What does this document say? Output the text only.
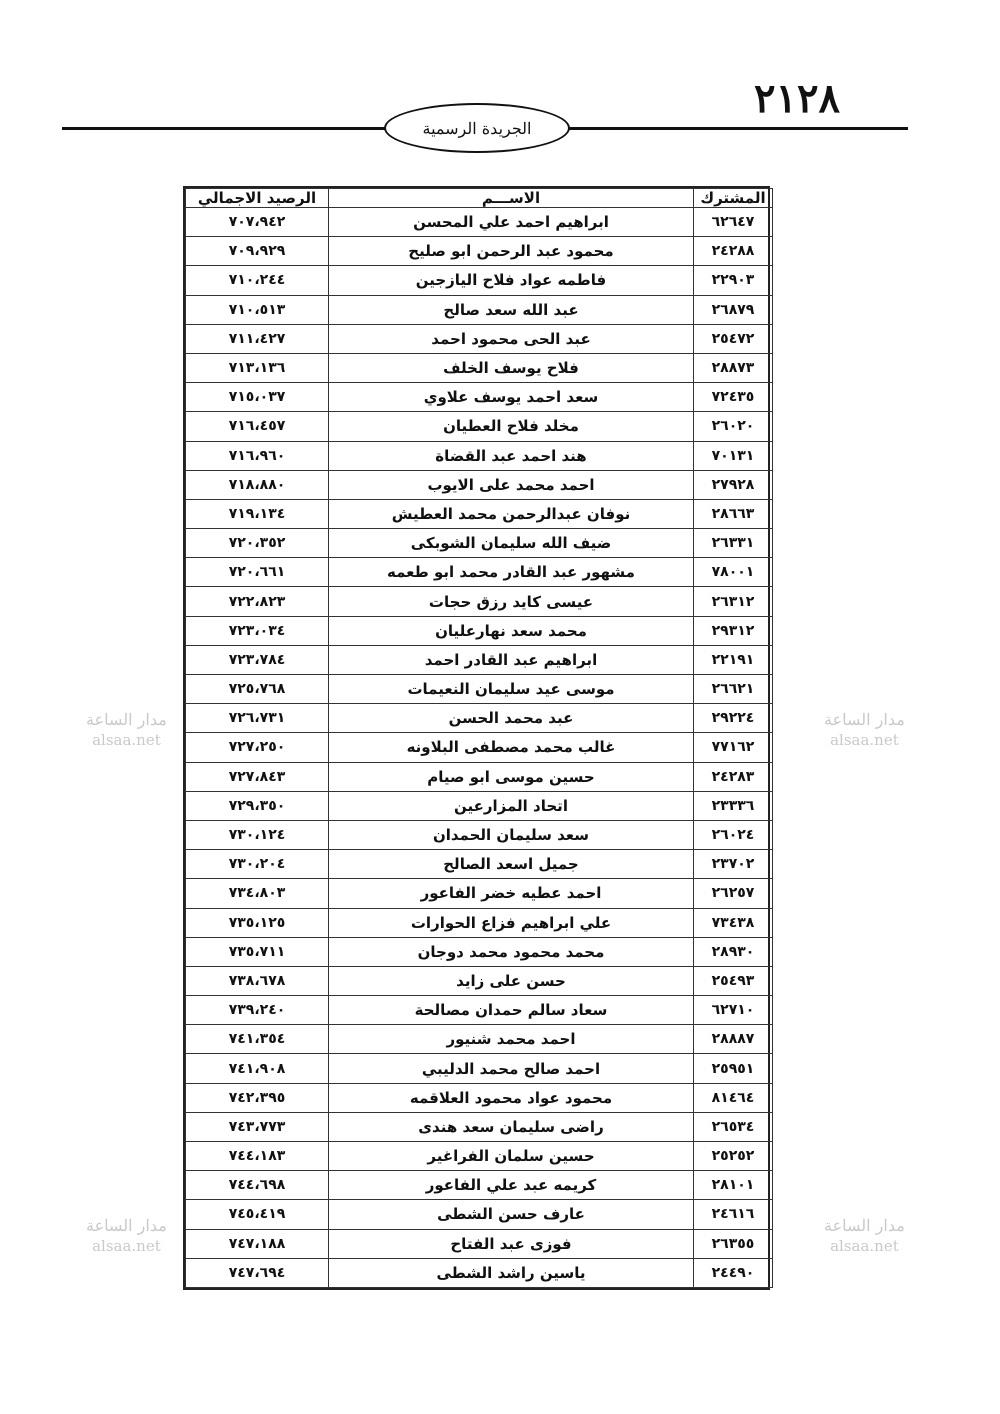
٢١٢٨
الجريدة الرسمية
المشترك	الاســـم	الرصيد الاجمالي
٦٢٦٤٧	ابراهيم احمد علي المحسن	٧٠٧،٩٤٢
٢٤٢٨٨	محمود عبد الرحمن ابو صليح	٧٠٩،٩٢٩
٢٢٩٠٣	فاطمه عواد فلاح اليازجين	٧١٠،٢٤٤
٢٦٨٧٩	عبد الله سعد صالح	٧١٠،٥١٣
٢٥٤٧٢	عبد الحى محمود احمد	٧١١،٤٢٧
٢٨٨٧٣	فلاح يوسف الخلف	٧١٣،١٣٦
٧٢٤٣٥	سعد احمد يوسف علاوي	٧١٥،٠٣٧
٢٦٠٢٠	مخلد فلاح العطيان	٧١٦،٤٥٧
٧٠١٣١	هند احمد عبد القضاة	٧١٦،٩٦٠
٢٧٩٢٨	احمد محمد على الايوب	٧١٨،٨٨٠
٢٨٦٦٣	نوفان عبدالرحمن محمد العطيش	٧١٩،١٣٤
٢٦٣٣١	ضيف الله سليمان الشوبكى	٧٢٠،٣٥٢
٧٨٠٠١	مشهور عبد القادر محمد ابو طعمه	٧٢٠،٦٦١
٢٦٣١٢	عيسى كايد رزق حجات	٧٢٢،٨٢٣
٢٩٣١٢	محمد سعد نهارعليان	٧٢٣،٠٣٤
٢٢١٩١	ابراهيم عبد القادر احمد	٧٢٣،٧٨٤
٢٦٦٢١	موسى عيد سليمان النعيمات	٧٢٥،٧٦٨
٢٩٢٢٤	عبد محمد الحسن	٧٢٦،٧٣١
٧٧١٦٢	غالب محمد مصطفى البلاونه	٧٢٧،٢٥٠
٢٤٢٨٣	حسين موسى ابو صيام	٧٢٧،٨٤٣
٢٣٣٣٦	اتحاد المزارعين	٧٢٩،٣٥٠
٢٦٠٢٤	سعد سليمان الحمدان	٧٣٠،١٢٤
٢٣٧٠٢	جميل اسعد الصالح	٧٣٠،٢٠٤
٢٦٢٥٧	احمد عطيه خضر الفاعور	٧٣٤،٨٠٣
٧٣٤٣٨	علي ابراهيم فزاع الحوارات	٧٣٥،١٢٥
٢٨٩٣٠	محمد محمود محمد دوجان	٧٣٥،٧١١
٢٥٤٩٣	حسن على زايد	٧٣٨،٦٧٨
٦٢٧١٠	سعاد سالم حمدان مصالحة	٧٣٩،٢٤٠
٢٨٨٨٧	احمد محمد شنيور	٧٤١،٣٥٤
٢٥٩٥١	احمد صالح محمد الدليبي	٧٤١،٩٠٨
٨١٤٦٤	محمود عواد محمود العلاقمه	٧٤٢،٣٩٥
٢٦٥٣٤	راضى سليمان سعد هندى	٧٤٣،٧٧٣
٢٥٢٥٢	حسين سلمان الفراغير	٧٤٤،١٨٣
٢٨١٠١	كريمه عبد علي الفاعور	٧٤٤،٦٩٨
٢٤٦١٦	عارف حسن الشطى	٧٤٥،٤١٩
٢٦٣٥٥	فوزى عبد الفتاح	٧٤٧،١٨٨
٢٤٤٩٠	ياسين راشد الشطى	٧٤٧،٦٩٤
مدار الساعة
alsaa.net
مدار الساعة
alsaa.net
مدار الساعة
alsaa.net
مدار الساعة
alsaa.net
